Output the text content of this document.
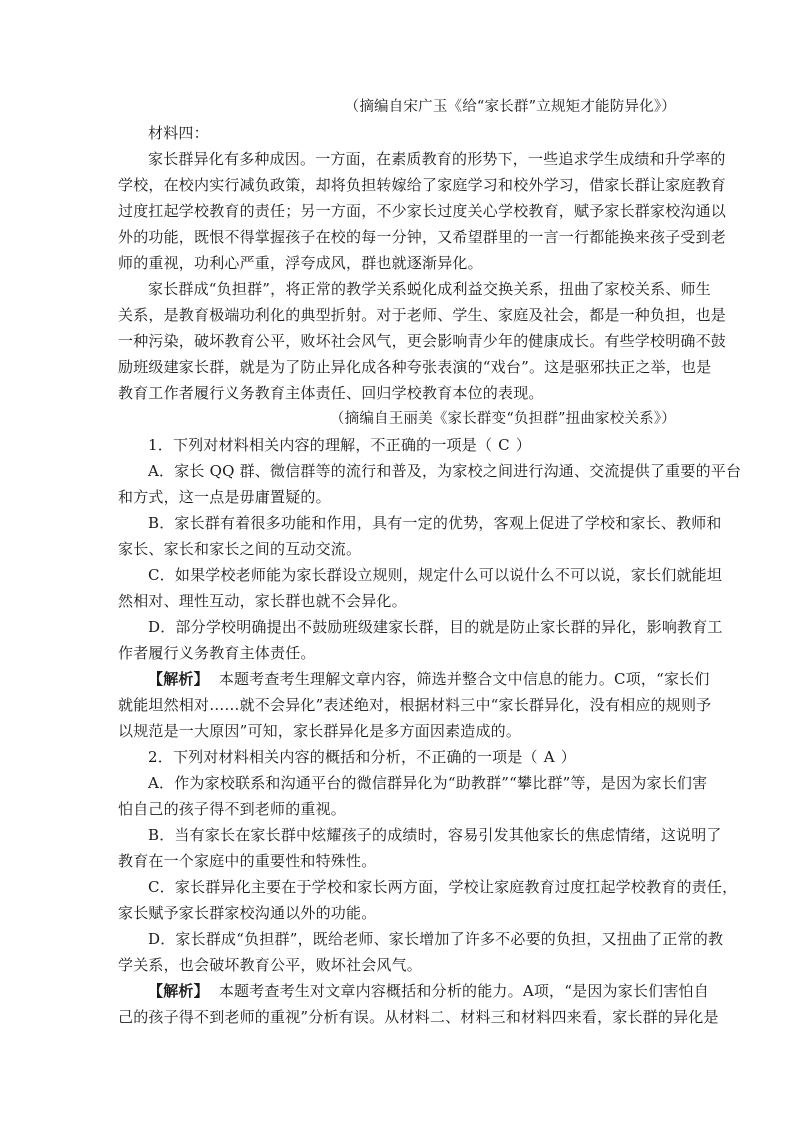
（摘编自宋广玉《给“家长群”立规矩才能防异化》）
材料四：
家长群异化有多种成因。一方面，在素质教育的形势下，一些追求学生成绩和升学率的
学校，在校内实行减负政策，却将负担转嫁给了家庭学习和校外学习，借家长群让家庭教育
过度扛起学校教育的责任；另一方面，不少家长过度关心学校教育，赋予家长群家校沟通以
外的功能，既恨不得掌握孩子在校的每一分钟，又希望群里的一言一行都能换来孩子受到老
师的重视，功利心严重，浮夸成风，群也就逐渐异化。
家长群成“负担群”，将正常的教学关系蜕化成利益交换关系，扭曲了家校关系、师生
关系，是教育极端功利化的典型折射。对于老师、学生、家庭及社会，都是一种负担，也是
一种污染，破坏教育公平，败坏社会风气，更会影响青少年的健康成长。有些学校明确不鼓
励班级建家长群，就是为了防止异化成各种夸张表演的“戏台”。这是驱邪扶正之举，也是
教育工作者履行义务教育主体责任、回归学校教育本位的表现。
（摘编自王丽美《家长群变“负担群”扭曲家校关系》）
1．下列对材料相关内容的理解，不正确的一项是（ C ）
A．家长 QQ 群、微信群等的流行和普及，为家校之间进行沟通、交流提供了重要的平台
和方式，这一点是毋庸置疑的。
B．家长群有着很多功能和作用，具有一定的优势，客观上促进了学校和家长、教师和
家长、家长和家长之间的互动交流。
C．如果学校老师能为家长群设立规则，规定什么可以说什么不可以说，家长们就能坦
然相对、理性互动，家长群也就不会异化。
D．部分学校明确提出不鼓励班级建家长群，目的就是防止家长群的异化，影响教育工
作者履行义务教育主体责任。
【解析】 本题考查考生理解文章内容，筛选并整合文中信息的能力。C项，“家长们
就能坦然相对……就不会异化”表述绝对，根据材料三中“家长群异化，没有相应的规则予
以规范是一大原因”可知，家长群异化是多方面因素造成的。
2．下列对材料相关内容的概括和分析，不正确的一项是（ A ）
A．作为家校联系和沟通平台的微信群异化为“助教群”“攀比群”等，是因为家长们害
怕自己的孩子得不到老师的重视。
B．当有家长在家长群中炫耀孩子的成绩时，容易引发其他家长的焦虑情绪，这说明了
教育在一个家庭中的重要性和特殊性。
C．家长群异化主要在于学校和家长两方面，学校让家庭教育过度扛起学校教育的责任，
家长赋予家长群家校沟通以外的功能。
D．家长群成“负担群”，既给老师、家长增加了许多不必要的负担，又扭曲了正常的教
学关系，也会破坏教育公平，败坏社会风气。
【解析】 本题考查考生对文章内容概括和分析的能力。A项，“是因为家长们害怕自
己的孩子得不到老师的重视”分析有误。从材料二、材料三和材料四来看，家长群的异化是
